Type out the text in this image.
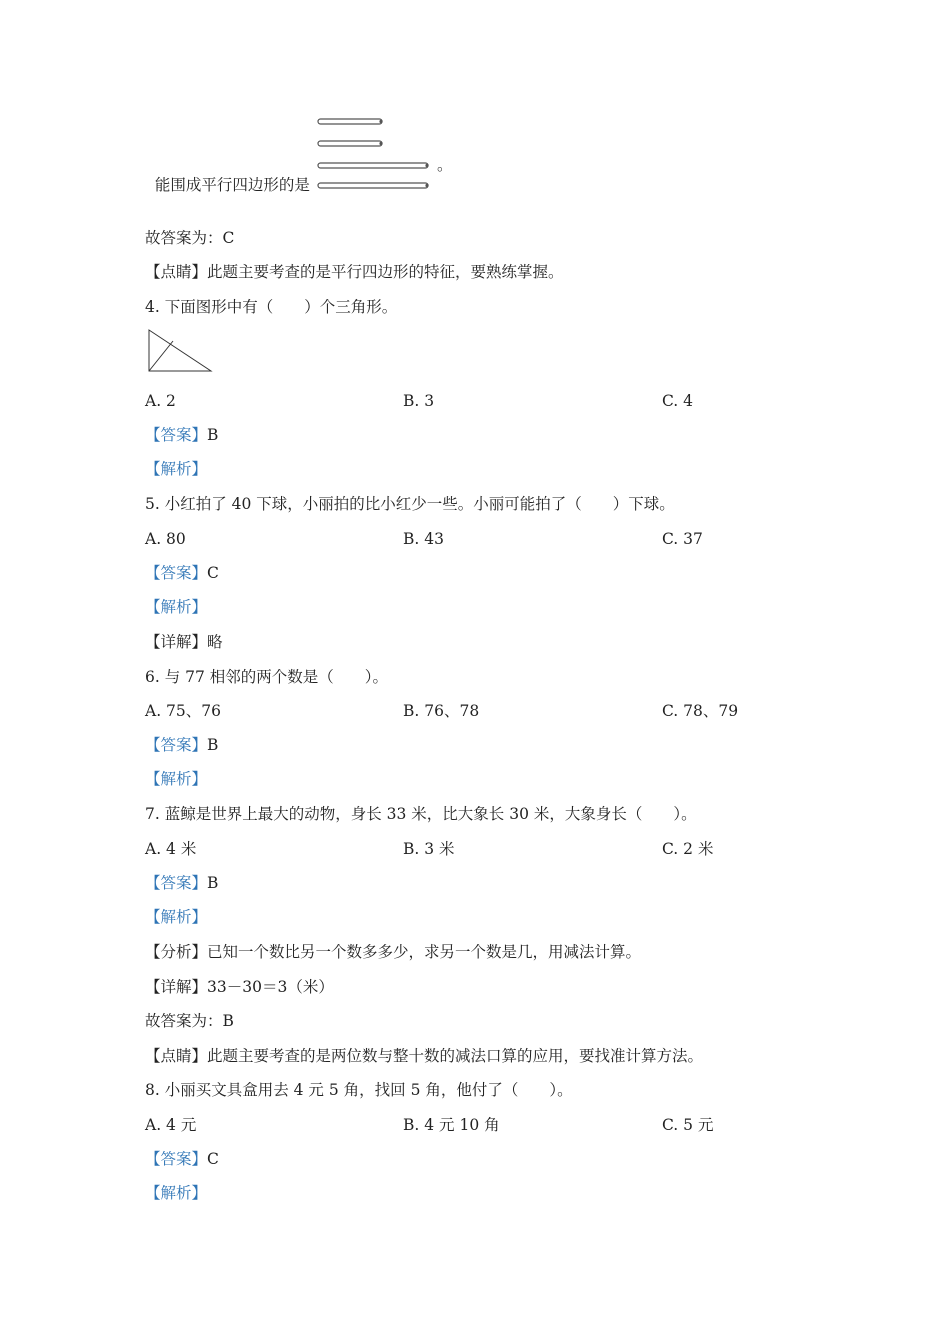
能围成平行四边形的是

。
故答案为：C
【点睛】此题主要考查的是平行四边形的特征，要熟练掌握。
4. 下面图形中有（　　）个三角形。
A. 2	B. 3	C. 4
【答案】B
【解析】
5. 小红拍了 40 下球，小丽拍的比小红少一些。小丽可能拍了（　　）下球。
A. 80	B. 43	C. 37
【答案】C
【解析】
【详解】略
6. 与 77 相邻的两个数是（　　）。
A. 75、76	B. 76、78	C. 78、79
【答案】B
【解析】
7. 蓝鲸是世界上最大的动物，身长 33 米，比大象长 30 米，大象身长（　　）。
A. 4 米	B. 3 米	C. 2 米
【答案】B
【解析】
【分析】已知一个数比另一个数多多少，求另一个数是几，用减法计算。
【详解】33－30＝3（米）
故答案为：B
【点睛】此题主要考查的是两位数与整十数的减法口算的应用，要找准计算方法。
8. 小丽买文具盒用去 4 元 5 角，找回 5 角，他付了（　　）。
A. 4 元	B. 4 元 10 角	C. 5 元
【答案】C
【解析】
